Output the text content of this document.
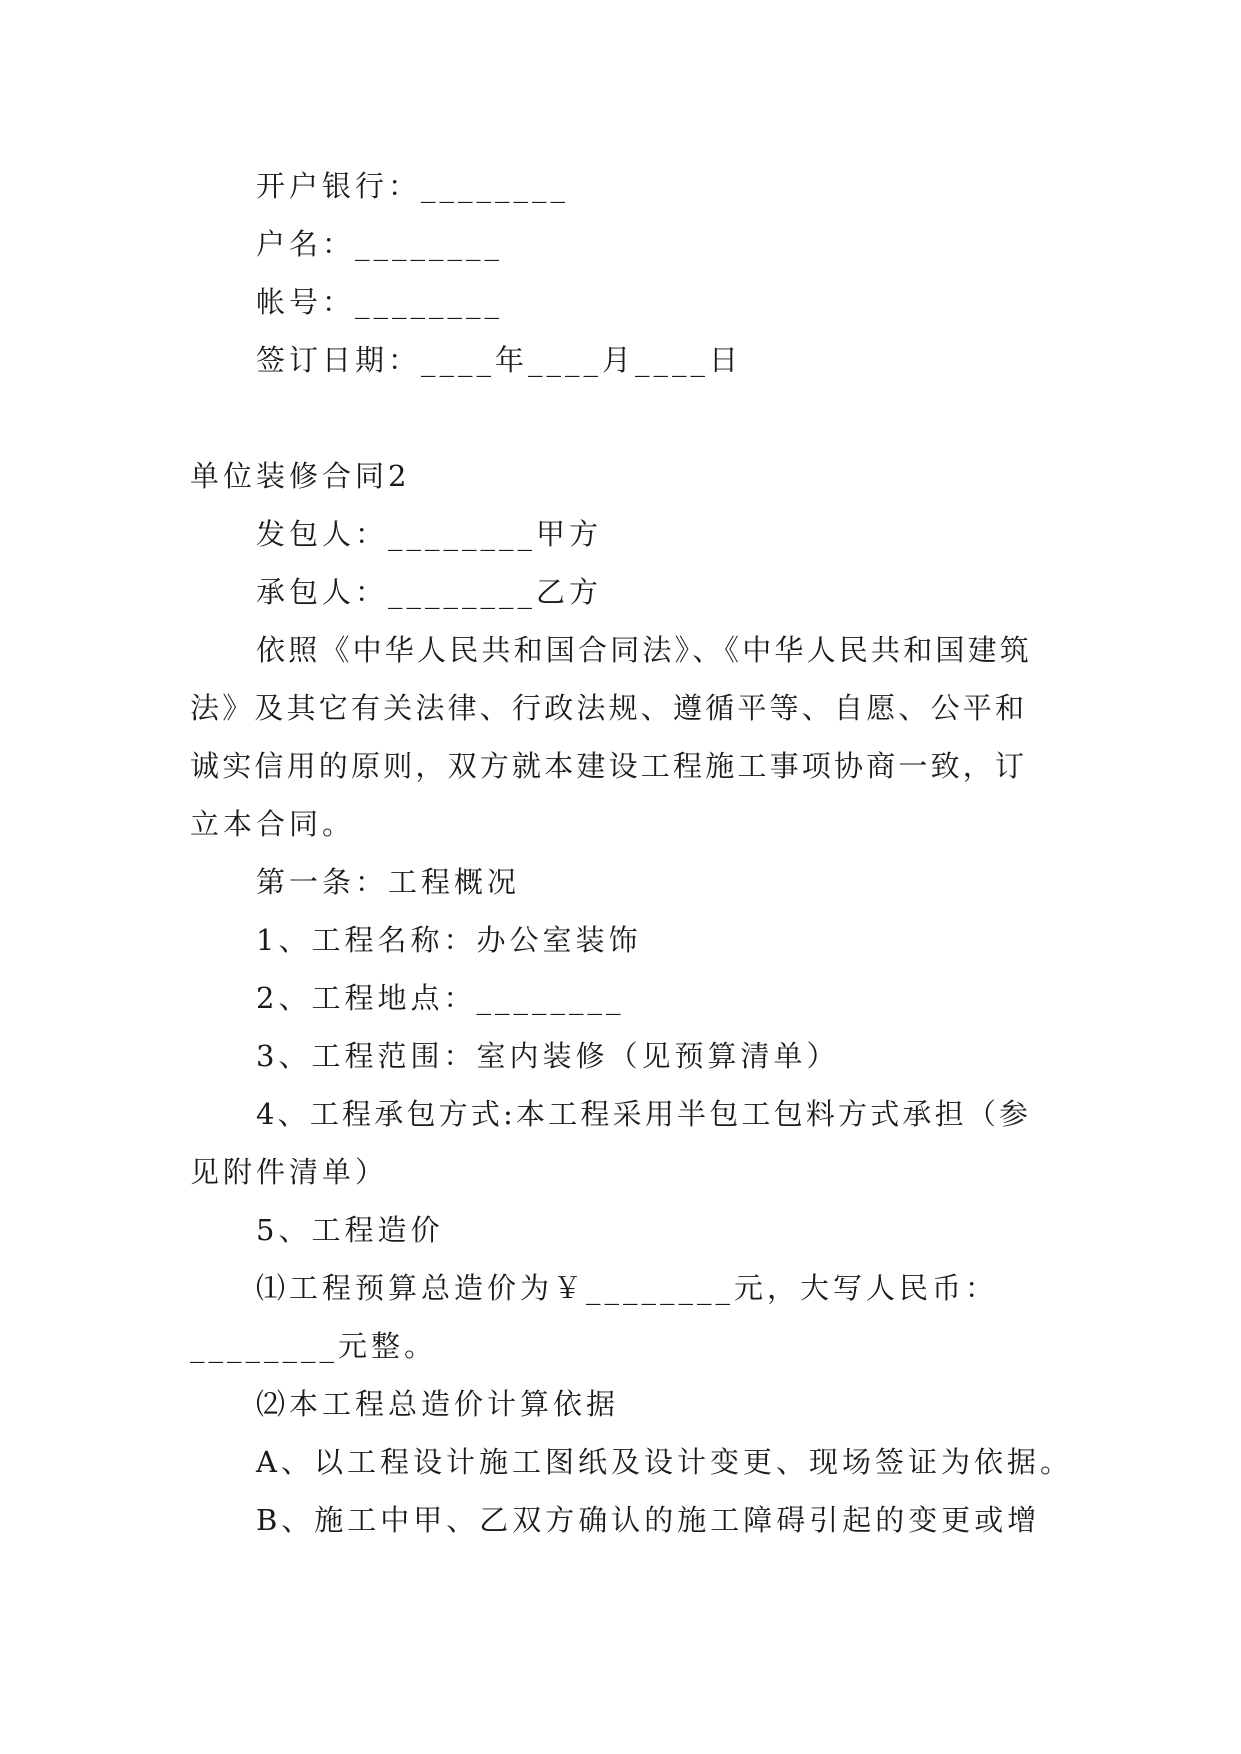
开户银行：________
户名：________
帐号：________
签订日期：____年____月____日
单位装修合同2
发包人：________甲方
承包人：________乙方
依照《中华人民共和国合同法》、《中华人民共和国建筑
法》及其它有关法律、行政法规、遵循平等、自愿、公平和
诚实信用的原则，双方就本建设工程施工事项协商一致，订
立本合同。
第一条：工程概况
1、工程名称：办公室装饰
2、工程地点：________
3、工程范围：室内装修（见预算清单）
4、工程承包方式:本工程采用半包工包料方式承担（参
见附件清单）
5、工程造价
⑴工程预算总造价为￥________元，大写人民币：
________元整。
⑵本工程总造价计算依据
A、以工程设计施工图纸及设计变更、现场签证为依据。
B、施工中甲、乙双方确认的施工障碍引起的变更或增
